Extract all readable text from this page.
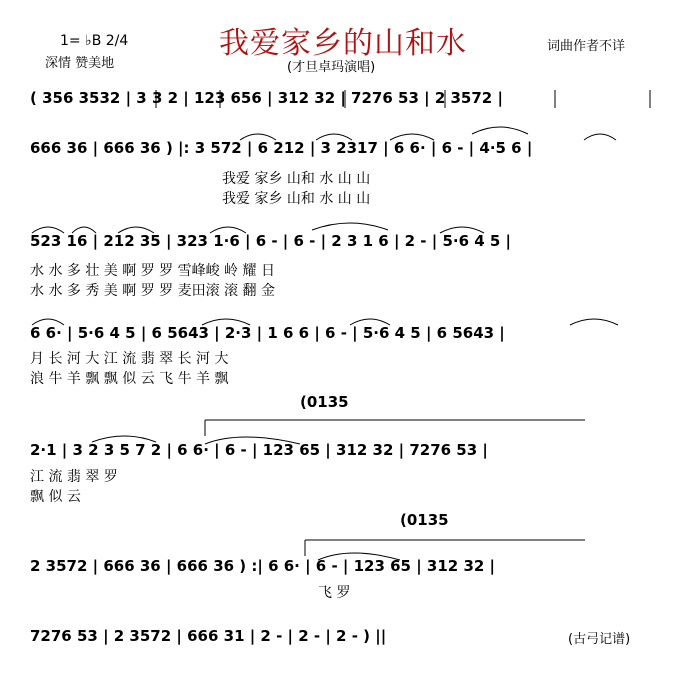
我爱家乡的山和水
1= ♭B 2/4
深情 赞美地
词曲作者不详
(才旦卓玛演唱)
( 356 3532 | 3 3 2 | 123 656 | 312 32 | 7276 53 | 2 3572 |
666 36 | 666 36 ) |: 3 572 | 6 212 | 3 2317 | 6 6· | 6 - | 4·5 6 |
我爱 家乡 山和 水 山 山
我爱 家乡 山和 水 山 山
523 16 | 212 35 | 323 1·6 | 6 - | 6 - | 2 3 1 6 | 2 - | 5·6 4 5 |
水 水 多 壮 美 啊 罗 罗 雪峰峻 岭 耀 日
水 水 多 秀 美 啊 罗 罗 麦田滚 滚 翻 金
6 6· | 5·6 4 5 | 6 5643 | 2·3 | 1 6 6 | 6 - | 5·6 4 5 | 6 5643 |
月 长 河 大 江 流 翡 翠 长 河 大
浪 牛 羊 飘 飘 似 云 飞 牛 羊 飘
(0135
2·1 | 3 2 3 5 7 2 | 6 6· | 6 - | 123 65 | 312 32 | 7276 53 |
江 流 翡 翠 罗
飘 似 云
(0135
2 3572 | 666 36 | 666 36 ) :| 6 6· | 6 - | 123 65 | 312 32 |
飞 罗
7276 53 | 2 3572 | 666 31 | 2 - | 2 - | 2 - ) ||	(古弓记谱)
